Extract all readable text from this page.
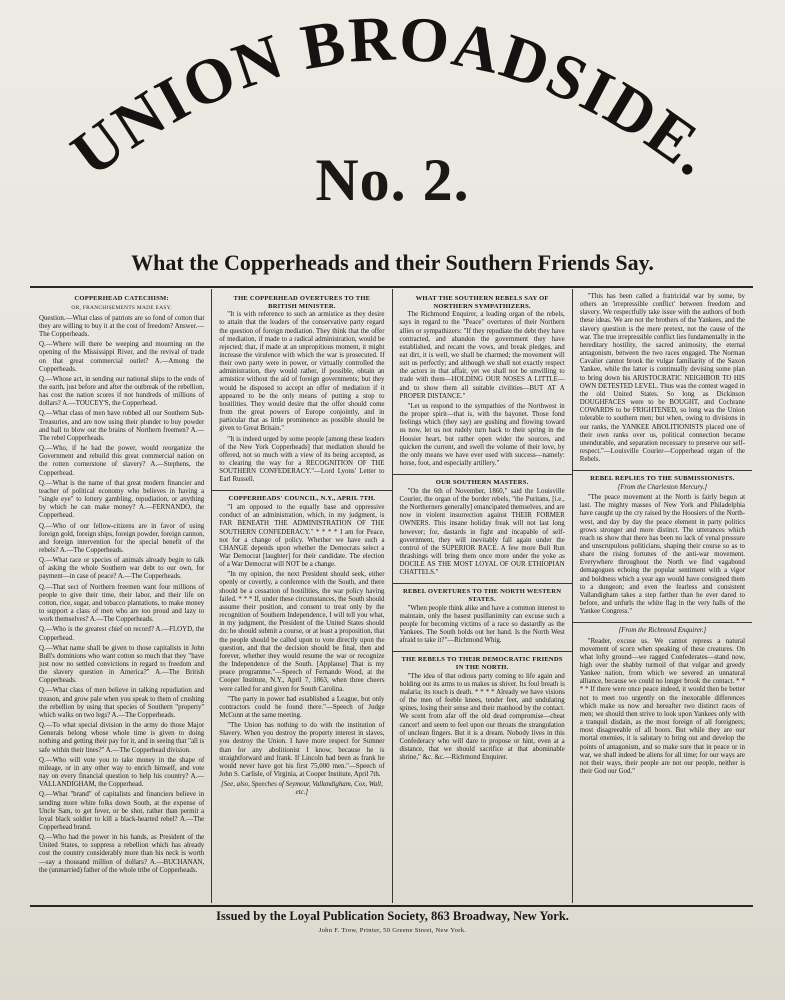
UNION BROADSIDE.
No. 2.
What the Copperheads and their Southern Friends Say.
COPPERHEAD CATECHISM:
OR, FRANCHISEMENTS MADE EASY.

Question.—What class of patriots are so fond of cotton that they are willing to buy it at the cost of freedom? Answer.—The Copperheads.

Q.—Where will there be weeping and mourning on the opening of the Mississippi River, and the revival of trade on that great commercial outlet? A.—Among the Copperheads.

Q.—Whose act, in sending our national ships to the ends of the earth, just before and after the outbreak of the rebellion, has cost the nation scores if not hundreds of millions of dollars? A.—TOUCEY'S, the Copperhead.

Q.—What class of men have robbed all our Southern Sub-Treasuries, and are now using their plunder to buy powder and ball to blow out the brains of Northern freemen? A.—The rebel Copperheads.

Q.—Who, if he had the power, would reorganize the Government and rebuild this great commercial nation on the rotten cornerstone of slavery? A.—Stephens, the Copperhead.

Q.—What is the name of that great modern financier and teacher of political economy who believes in having a "single eye" to lottery gambling, repudiation, or anything by which he can make money? A.—FERNANDO, the Copperhead.

Q.—Who of our fellow-citizens are in favor of using foreign gold, foreign ships, foreign powder, foreign cannon, and foreign intervention for the special benefit of the rebels? A.—The Copperheads.

Q.—What race or species of animals already begin to talk of asking the whole Southern war debt to our own, for payment—in case of peace? A.—The Copperheads.

Q.—That sect of Northern freemen want four millions of people to give their time, their labor, and their life on cotton, rice, sugar, and tobacco plantations, to make money to support a class of men who are too proud and lazy to work themselves? A.—The Copperheads.

Q.—Who is the greatest chief on record? A.—FLOYD, the Copperhead.

Q.—What name shall be given to those capitalists in John Bull's dominions who want cotton so much that they "have just now no settled convictions in regard to freedom and the slavery question in America?" A.—The British Copperheads.

Q.—What class of men believe in talking repudiation and treason, and grow pale when you speak to them of crushing the rebellion by using that species of Southern "property" which walks on two legs? A.—The Copperheads.

Q.—To what special division in the army do those Major Generals belong whose whole time is given to doing nothing and getting their pay for it, and in seeing that "all is safe within their lines?" A.—The Copperhead division.

Q.—Who will vote you to take money in the shape of mileage, or in any other way to enrich himself, and vote nay on every financial question to help his country? A.—VALLANDIGHAM, the Copperhead.

Q.—What "brand" of capitalists and financiers believe in sending more white folks down South, at the expense of Uncle Sam, to get fever, or be shot, rather than permit a loyal black soldier to kill a black-hearted rebel? A.—The Copperhead brand.

Q.—Who had the power in his hands, as President of the United States, to suppress a rebellion which has already cost the country considerably more than his neck is worth—say a thousand million of dollars? A.—BUCHANAN, the (unmarried) father of the whole tribe of Copperheads.

THE COPPERHEAD OVERTURES TO THE BRITISH MINISTER.

"It is with reference to such an armistice as they desire to attain that the leaders of the conservative party regard the question of foreign mediation. They think that the offer of mediation, if made to a radical administration, would be rejected; that, if made at an unpropitious moment, it might increase the virulence with which the war is prosecuted. If their own party were in power, or virtually controlled the administration, they would rather, if possible, obtain an armistice without the aid of foreign governments; but they would be disposed to accept an offer of mediation if it appeared to be the only means of putting a stop to hostilities. They would desire that the offer should come from the great powers of Europe conjointly, and in particular that as little prominence as possible should be given to Great Britain."

"It is indeed urged by some people [among these leaders of the New York Copperheads] that mediation should be offered, not so much with a view of its being accepted, as to clearing the way for a RECOGNITION OF THE SOUTHERN CONFEDERACY."—Lord Lyons' Letter to Earl Russell.

COPPERHEADS' COUNCIL, N.Y., APRIL 7TH.

"I am opposed to the equally base and oppressive conduct of an administration, which, in my judgment, is FAR BENEATH THE ADMINISTRATION OF THE SOUTHERN CONFEDERACY." * * * * I am for Peace, not for a change of policy. Whether we have such a CHANGE depends upon whether the Democrats select a War Democrat [laughter] for their candidate. The election of a War Democrat will NOT be a change.

"In my opinion, the next President should seek, either openly or covertly, a conference with the South, and there should be a cessation of hostilities, the war policy having failed. * * * If, under these circumstances, the South should assume their position, and consent to treat only by the recognition of Southern Independence, I will tell you what, in my judgment, the President of the United States should do: he should submit a course, or at least a proposition, that the people should be called upon to vote directly upon the question, and that the decision should be final, then and forever, whether they would resume the war or recognize the Independence of the South. [Applause] That is my peace programme."—Speech of Fernando Wood, at the Cooper Institute, N.Y., April 7, 1863, when three cheers were called for and given for South Carolina.

"The party in power had established a League, but only contractors could be found there."—Speech of Judge McCunn at the same meeting.

"The Union has nothing to do with the institution of Slavery. When you destroy the property interest in slaves, you destroy the Union. I have more respect for Sumner than for any abolitionist I know, because he is straightforward and frank. If Lincoln had been as frank he would never have got his first 75,000 men."—Speech of John S. Carlisle, of Virginia, at Cooper Institute, April 7th.

[See, also, Speeches of Seymour, Vallandigham, Cox, Wall, etc.]

WHAT THE SOUTHERN REBELS SAY OF NORTHERN SYMPATHIZERS.

The Richmond Enquirer, a leading organ of the rebels, says in regard to the "Peace" overtures of their Northern allies or sympathizers: "If they repudiate the debt they have contracted, and abandon the government they have established, and recant the vows, and break pledges, and eat dirt, it is well, we shall be charmed; the movement will suit us perfectly; and although we shall not exactly respect the actors in that affair, yet we shall not be unwilling to trade with them—HOLDING OUR NOSES A LITTLE—and to show them all suitable civilities—BUT AT A PROPER DISTANCE."

"Let us respond to the sympathies of the Northwest in the proper spirit—that is, with the bayonet. Those fond feelings which (they say) are gushing and flowing toward us now, let us not rudely turn back to their spring in the Hoosier heart, but rather open wider the sources, and quicken the current, and swell the volume of their love, by the only means we have ever used with success—namely: horse, foot, and especially artillery."

OUR SOUTHERN MASTERS.

"On the 6th of November, 1860," said the Louisville Courier, the organ of the border rebels, "the Puritans, [i.e., the Northerners generally] emancipated themselves, and are now in violent insurrection against THEIR FORMER OWNERS. This insane holiday freak will not last long however; for, dastards in fight and incapable of self-government, they will inevitably fall again under the control of the SUPERIOR RACE. A few more Bull Run thrashings will bring them once more under the yoke as DOCILE AS THE MOST LOYAL OF OUR ETHIOPIAN CHATTELS."

REBEL OVERTURES TO THE NORTH WESTERN STATES.

"When people think alike and have a common interest to maintain, only the basest pusillanimity can excuse such a people for becoming victims of a race so dastardly as the Yankees. The South holds out her hand. Is the North West afraid to take it?"—Richmond Whig.

THE REBELS TO THEIR DEMOCRATIC FRIENDS IN THE NORTH.

"The idea of that odious party coming to life again and holding out its arms to us makes us shiver. Its foul breath is malaria; its touch is death. * * * * Already we have visions of the men of feeble knees, tender feet, and undulating spines, losing their sense and their manhood by the contact. We scent from afar off the old dead compromise—cheat cancer! and seem to feel upon our throats the strangulation of unclean fingers. But it is a dream. Nobody lives in this Confederacy who will dare to propose or hint, even at a distance, that we should sacrifice at that abominable shrine," &c. &c.—Richmond Enquirer.

"This has been called a fratricidal war by some, by others an 'irrepressible conflict' between freedom and slavery. We respectfully take issue with the authors of both these ideas. We are not the brothers of the Yankees, and the slavery question is the mere pretext, not the cause of the war. The true irrepressible conflict lies fundamentally in the hereditary hostility, the sacred animosity, the eternal antagonism, between the two races engaged. The Norman Cavalier cannot brook the vulgar familiarity of the Saxon Yankee, while the latter is continually devising some plan to bring down his ARISTOCRATIC NEIGHBOR TO HIS OWN DETESTED LEVEL. Thus was the contest waged in the old United States. So long as Dickinson DOUGHFACES were to be BOUGHT, and Cochrane COWARDS to be FRIGHTENED, so long was the Union tolerable to southern men; but when, owing to divisions in our ranks, the YANKEE ABOLITIONISTS placed one of their own ranks over us, political connection became unendurable, and separation necessary to preserve our self-respect."—Louisville Courier—Copperhead organ of the Rebels.

REBEL REPLIES TO THE SUBMISSIONISTS.

[From the Charleston Mercury.]

"The peace movement at the North is fairly begun at last. The mighty masses of New York and Philadelphia have caught up the cry raised by the Hoosiers of the North-west, and day by day the peace element in party politics grows stronger and more distinct. The utterances which reach us show that there has been no lack of venal pressure and unscrupulous politicians, shaping their course so as to share the rising fortunes of the anti-war movement. Everywhere throughout the North we find vagabond demagogues echoing the popular sentiment with a vigor and boldness which a year ago would have consigned them to a dungeon; and even the fearless and consistent Vallandigham takes a step farther than he ever dared to before, and unfurls the white flag in the very halls of the Yankee Congress."

[From the Richmond Enquirer.]

"Reader, excuse us. We cannot repress a natural movement of scorn when speaking of these creatures. On what lofty ground—we ragged Confederates—stand now, high over the shabby turmoil of that vulgar and greedy Yankee nation, from which we severed an unnatural alliance, because we could no longer brook the contact. * * * * If there were once peace indeed, it would then be better not to meet too urgently on the inexorable differences which make us now and hereafter two distinct races of men; we should then strive to look upon Yankees only with a tranquil disdain, as the most foreign of all foreigners; most disagreeable of all boors. But while they are our mortal enemies, it is salutary to bring out and develop the points of antagonism, and so make sure that in peace or in war, we shall indeed be aliens for all time; for our ways are not their ways, their people are not our people, neither is their God our God."

Issued by the Loyal Publication Society, 863 Broadway, New York.
John F. Trow, Printer, 50 Greene Street, New York.
